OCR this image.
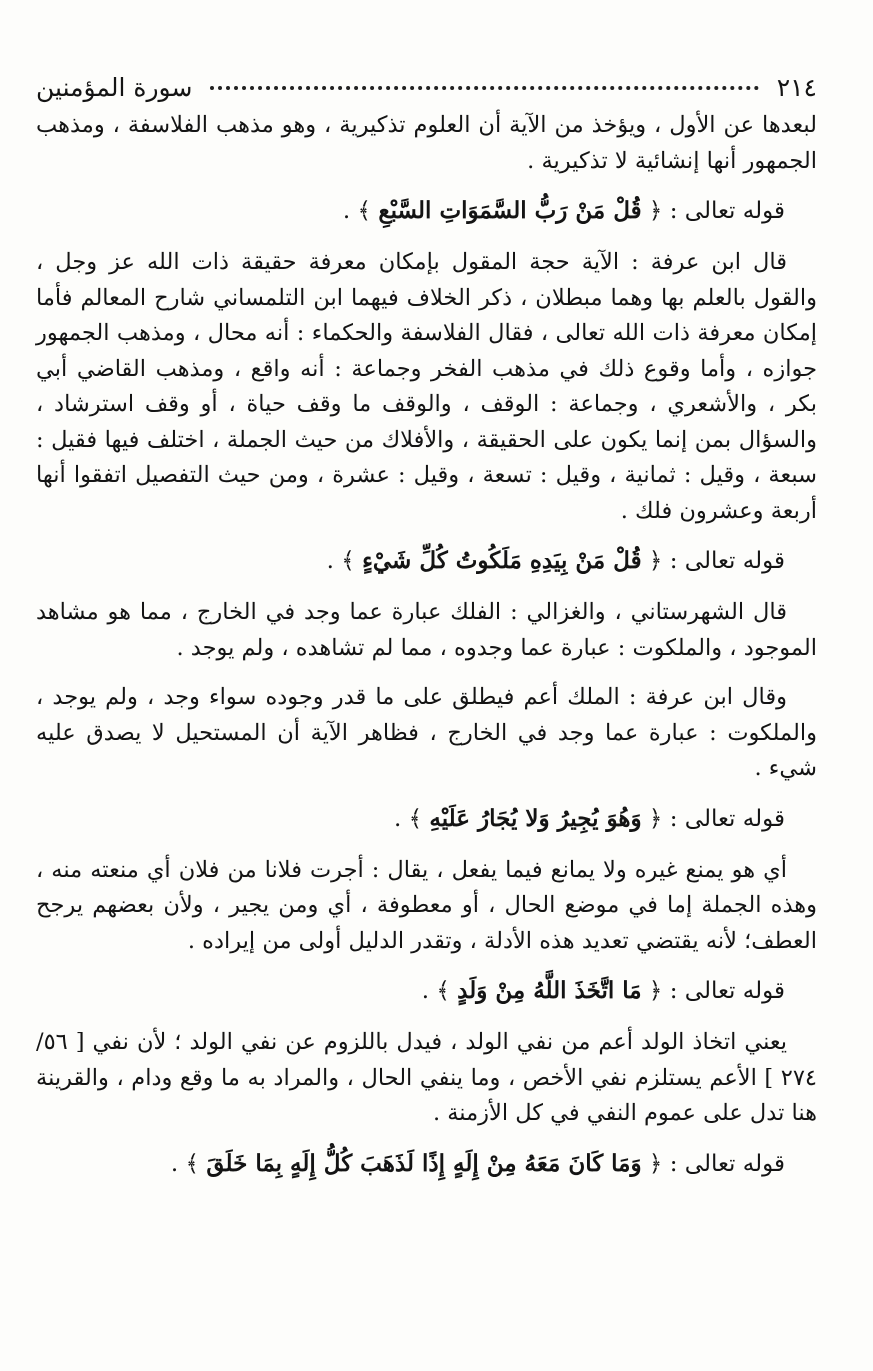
٢١٤
سورة المؤمنين

لبعدها عن الأول ، ويؤخذ من الآية أن العلوم تذكيرية ، وهو مذهب الفلاسفة ، ومذهب الجمهور أنها إنشائية لا تذكيرية .

قوله تعالى : ﴿ قُلْ مَنْ رَبُّ السَّمَوَاتِ السَّبْعِ ﴾ .

قال ابن عرفة : الآية حجة المقول بإمكان معرفة حقيقة ذات الله عز وجل ، والقول بالعلم بها وهما مبطلان ، ذكر الخلاف فيهما ابن التلمساني شارح المعالم فأما إمكان معرفة ذات الله تعالى ، فقال الفلاسفة والحكماء : أنه محال ، ومذهب الجمهور جوازه ، وأما وقوع ذلك في مذهب الفخر وجماعة : أنه واقع ، ومذهب القاضي أبي بكر ، والأشعري ، وجماعة : الوقف ، والوقف ما وقف حياة ، أو وقف استرشاد ، والسؤال بمن إنما يكون على الحقيقة ، والأفلاك من حيث الجملة ، اختلف فيها فقيل : سبعة ، وقيل : ثمانية ، وقيل : تسعة ، وقيل : عشرة ، ومن حيث التفصيل اتفقوا أنها أربعة وعشرون فلك .

قوله تعالى : ﴿ قُلْ مَنْ بِيَدِهِ مَلَكُوتُ كُلِّ شَيْءٍ ﴾ .

قال الشهرستاني ، والغزالي : الفلك عبارة عما وجد في الخارج ، مما هو مشاهد الموجود ، والملكوت : عبارة عما وجدوه ، مما لم تشاهده ، ولم يوجد .

وقال ابن عرفة : الملك أعم فيطلق على ما قدر وجوده سواء وجد ، ولم يوجد ، والملكوت : عبارة عما وجد في الخارج ، فظاهر الآية أن المستحيل لا يصدق عليه شيء .

قوله تعالى : ﴿ وَهُوَ يُجِيرُ وَلا يُجَارُ عَلَيْهِ ﴾ .

أي هو يمنع غيره ولا يمانع فيما يفعل ، يقال : أجرت فلانا من فلان أي منعته منه ، وهذه الجملة إما في موضع الحال ، أو معطوفة ، أي ومن يجير ، ولأن بعضهم يرجح العطف؛ لأنه يقتضي تعديد هذه الأدلة ، وتقدر الدليل أولى من إيراده .

قوله تعالى : ﴿ مَا اتَّخَذَ اللَّهُ مِنْ وَلَدٍ ﴾ .

يعني اتخاذ الولد أعم من نفي الولد ، فيدل باللزوم عن نفي الولد ؛ لأن نفي [ ٥٦/ ٢٧٤ ] الأعم يستلزم نفي الأخص ، وما ينفي الحال ، والمراد به ما وقع ودام ، والقرينة هنا تدل على عموم النفي في كل الأزمنة .

قوله تعالى : ﴿ وَمَا كَانَ مَعَهُ مِنْ إِلَهٍ إِذًا لَذَهَبَ كُلُّ إِلَهٍ بِمَا خَلَقَ ﴾ .
